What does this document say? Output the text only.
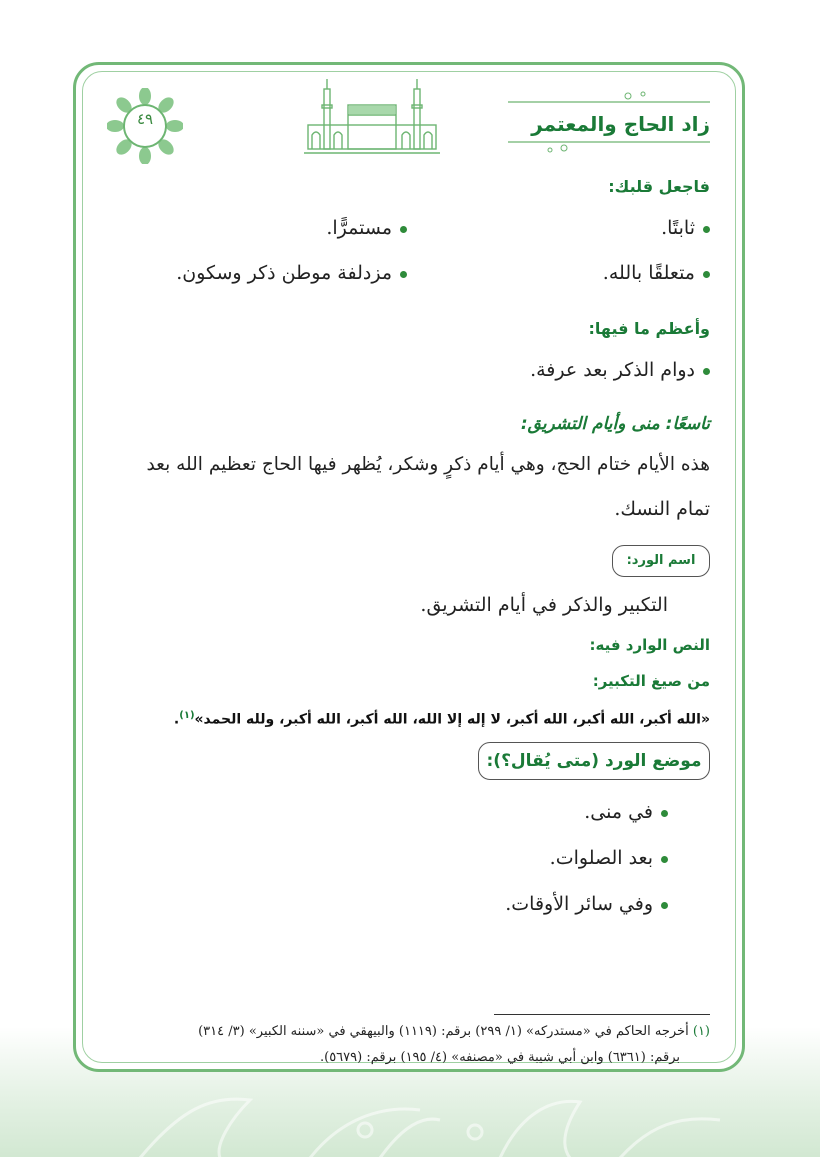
٤٩	زاد الحاج والمعتمر
فاجعل قلبك:
ثابتًا.
مستمرًّا.
متعلقًا بالله.
مزدلفة موطن ذكر وسكون.
وأعظم ما فيها:
دوام الذكر بعد عرفة.
تاسعًا: منى وأيام التشريق:
هذه الأيام ختام الحج، وهي أيام ذكرٍ وشكر، يُظهر فيها الحاج تعظيم الله بعد
تمام النسك.
اسم الورد:
التكبير والذكر في أيام التشريق.
النص الوارد فيه:
من صيغ التكبير:
«الله أكبر، الله أكبر، الله أكبر، لا إله إلا الله، الله أكبر، الله أكبر، ولله الحمد»$^{(١)}$.
موضع الورد (متى يُقال؟):
في منى.
بعد الصلوات.
وفي سائر الأوقات.
(١) أخرجه الحاكم في «مستدركه» (١/ ٢٩٩) برقم: (١١١٩) والبيهقي في «سننه الكبير» (٣/ ٣١٤)
برقم: (٦٣٦١) وابن أبي شيبة في «مصنفه» (٤/ ١٩٥) برقم: (٥٦٧٩).
